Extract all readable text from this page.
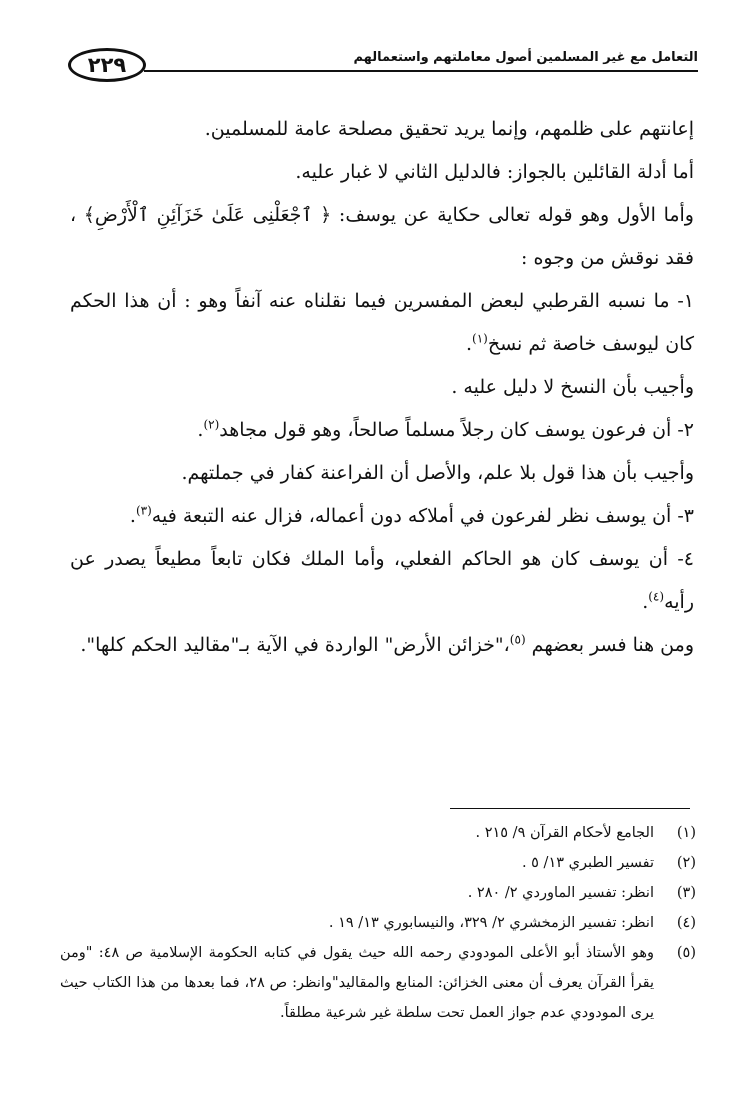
٢٢٩	التعامل مع غير المسلمين أصول معاملتهم واستعمالهم

إعانتهم على ظلمهم، وإنما يريد تحقيق مصلحة عامة للمسلمين.

أما أدلة القائلين بالجواز: فالدليل الثاني لا غبار عليه.

وأما الأول وهو قوله تعالى حكاية عن يوسف: ﴿ ٱجْعَلْنِى عَلَىٰ خَزَآئِنِ ٱلْأَرْضِ﴾ ، فقد نوقش من وجوه :

١- ما نسبه القرطبي لبعض المفسرين فيما نقلناه عنه آنفاً وهو : أن هذا الحكم كان ليوسف خاصة ثم نسخ$^{(١)}$.

وأجيب بأن النسخ لا دليل عليه .

٢- أن فرعون يوسف كان رجلاً مسلماً صالحاً، وهو قول مجاهد$^{(٢)}$.

وأجيب بأن هذا قول بلا علم، والأصل أن الفراعنة كفار في جملتهم.

٣- أن يوسف نظر لفرعون في أملاكه دون أعماله، فزال عنه التبعة فيه$^{(٣)}$.

٤- أن يوسف كان هو الحاكم الفعلي، وأما الملك فكان تابعاً مطيعاً يصدر عن رأيه$^{(٤)}$.

ومن هنا فسر بعضهم $^{(٥)}$،"خزائن الأرض" الواردة في الآية بـ"مقاليد الحكم كلها".

(١)
الجامع لأحكام القرآن ٩/ ٢١٥ .
(٢)
تفسير الطبري ١٣/ ٥ .
(٣)
انظر: تفسير الماوردي ٢/ ٢٨٠ .
(٤)
انظر: تفسير الزمخشري ٢/ ٣٢٩، والنيسابوري ١٣/ ١٩ .
(٥)
وهو الأستاذ أبو الأعلى المودودي رحمه الله حيث يقول في كتابه الحكومة الإسلامية ص ٤٨: "ومن يقرأ القرآن يعرف أن معنى الخزائن: المنابع والمقاليد"وانظر: ص ٢٨، فما بعدها من هذا الكتاب حيث يرى المودودي عدم جواز العمل تحت سلطة غير شرعية مطلقاً.
